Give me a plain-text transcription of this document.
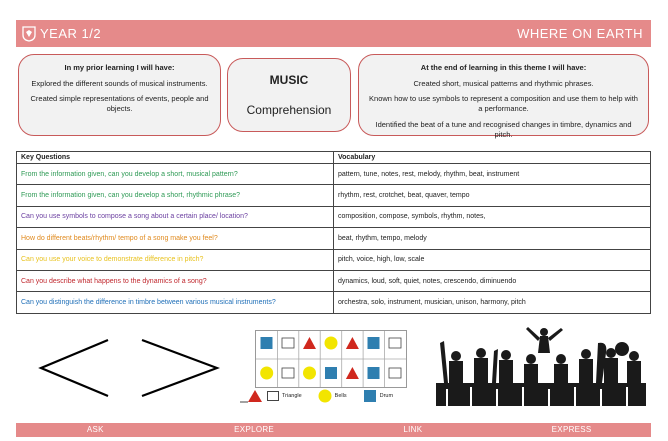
YEAR 1/2	WHERE ON EARTH
In my prior learning I will have:

Explored the different sounds of musical instruments.

Created simple representations of events, people and objects.

MUSIC
Comprehension
At the end of learning in this theme I will have:

Created short, musical patterns and rhythmic phrases.

Known how to use symbols to represent a composition and use them to help with a performance.

Identified the beat of a tune and recognised changes in timbre, dynamics and pitch.

Key Questions	Vocabulary
From the information given, can you develop a short, musical pattern?	pattern, tune, notes, rest, melody, rhythm, beat, instrument
From the information given, can you develop a short, rhythmic phrase?	rhythm, rest, crotchet, beat, quaver, tempo
Can you use symbols to compose a song about a certain place/ location?	composition, compose, symbols, rhythm, notes,
How do different beats/rhythm/ tempo of a song make you feel?	beat, rhythm, tempo, melody
Can you use your voice to demonstrate difference in pitch?	pitch, voice, high, low, scale
Can you describe what happens to the dynamics of a song?	dynamics, loud, soft, quiet, notes, crescendo, diminuendo
Can you distinguish the difference in timbre between various musical instruments?	orchestra, solo, instrument, musician, unison, harmony, pitch
Triangle	Bells	Drum
ASK	EXPLORE	LINK	EXPRESS
